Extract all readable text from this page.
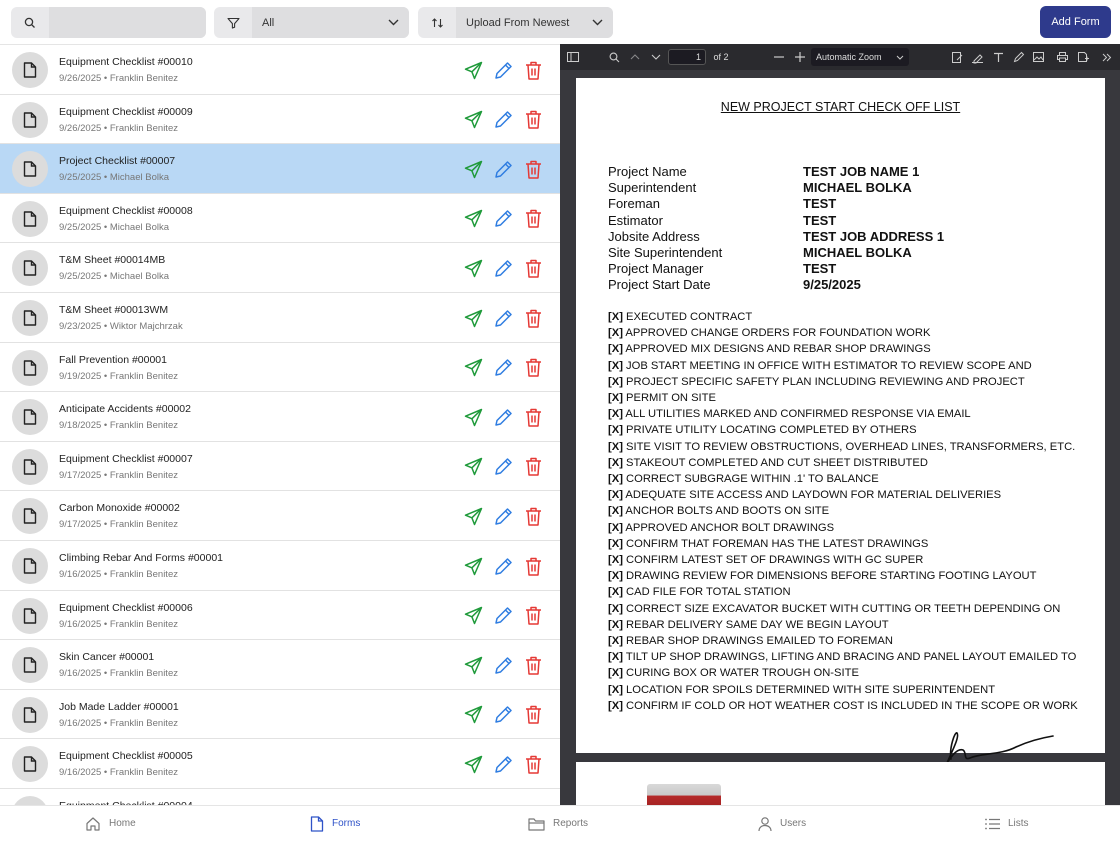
All	Upload From Newest	Add Form
Equipment Checklist #00010
9/26/2025 • Franklin Benitez
Equipment Checklist #00009
9/26/2025 • Franklin Benitez
Project Checklist #00007
9/25/2025 • Michael Bolka
Equipment Checklist #00008
9/25/2025 • Michael Bolka
T&M Sheet #00014MB
9/25/2025 • Michael Bolka
T&M Sheet #00013WM
9/23/2025 • Wiktor Majchrzak
Fall Prevention #00001
9/19/2025 • Franklin Benitez
Anticipate Accidents #00002
9/18/2025 • Franklin Benitez
Equipment Checklist #00007
9/17/2025 • Franklin Benitez
Carbon Monoxide #00002
9/17/2025 • Franklin Benitez
Climbing Rebar And Forms #00001
9/16/2025 • Franklin Benitez
Equipment Checklist #00006
9/16/2025 • Franklin Benitez
Skin Cancer #00001
9/16/2025 • Franklin Benitez
Job Made Ladder #00001
9/16/2025 • Franklin Benitez
Equipment Checklist #00005
9/16/2025 • Franklin Benitez
1	of 2	Automatic Zoom
NEW PROJECT START CHECK OFF LIST
Project Name	TEST JOB NAME 1
Superintendent	MICHAEL BOLKA
Foreman	TEST
Estimator	TEST
Jobsite Address	TEST JOB ADDRESS 1
Site Superintendent	MICHAEL BOLKA
Project Manager	TEST
Project Start Date	9/25/2025
[X] EXECUTED CONTRACT
[X] APPROVED CHANGE ORDERS FOR FOUNDATION WORK
[X] APPROVED MIX DESIGNS AND REBAR SHOP DRAWINGS
[X] JOB START MEETING IN OFFICE WITH ESTIMATOR TO REVIEW SCOPE AND
[X] PROJECT SPECIFIC SAFETY PLAN INCLUDING REVIEWING AND PROJECT
[X] PERMIT ON SITE
[X] ALL UTILITIES MARKED AND CONFIRMED RESPONSE VIA EMAIL
[X] PRIVATE UTILITY LOCATING COMPLETED BY OTHERS
[X] SITE VISIT TO REVIEW OBSTRUCTIONS, OVERHEAD LINES, TRANSFORMERS, ETC.
[X] STAKEOUT COMPLETED AND CUT SHEET DISTRIBUTED
[X] CORRECT SUBGRAGE WITHIN .1' TO BALANCE
[X] ADEQUATE SITE ACCESS AND LAYDOWN FOR MATERIAL DELIVERIES
[X] ANCHOR BOLTS AND BOOTS ON SITE
[X] APPROVED ANCHOR BOLT DRAWINGS
[X] CONFIRM THAT FOREMAN HAS THE LATEST DRAWINGS
[X] CONFIRM LATEST SET OF DRAWINGS WITH GC SUPER
[X] DRAWING REVIEW FOR DIMENSIONS BEFORE STARTING FOOTING LAYOUT
[X] CAD FILE FOR TOTAL STATION
[X] CORRECT SIZE EXCAVATOR BUCKET WITH CUTTING OR TEETH DEPENDING ON
[X] REBAR DELIVERY SAME DAY WE BEGIN LAYOUT
[X] REBAR SHOP DRAWINGS EMAILED TO FOREMAN
[X] TILT UP SHOP DRAWINGS, LIFTING AND BRACING AND PANEL LAYOUT EMAILED TO
[X] CURING BOX OR WATER TROUGH ON-SITE
[X] LOCATION FOR SPOILS DETERMINED WITH SITE SUPERINTENDENT
[X] CONFIRM IF COLD OR HOT WEATHER COST IS INCLUDED IN THE SCOPE OR WORK
Home	Forms	Reports	Users	Lists
